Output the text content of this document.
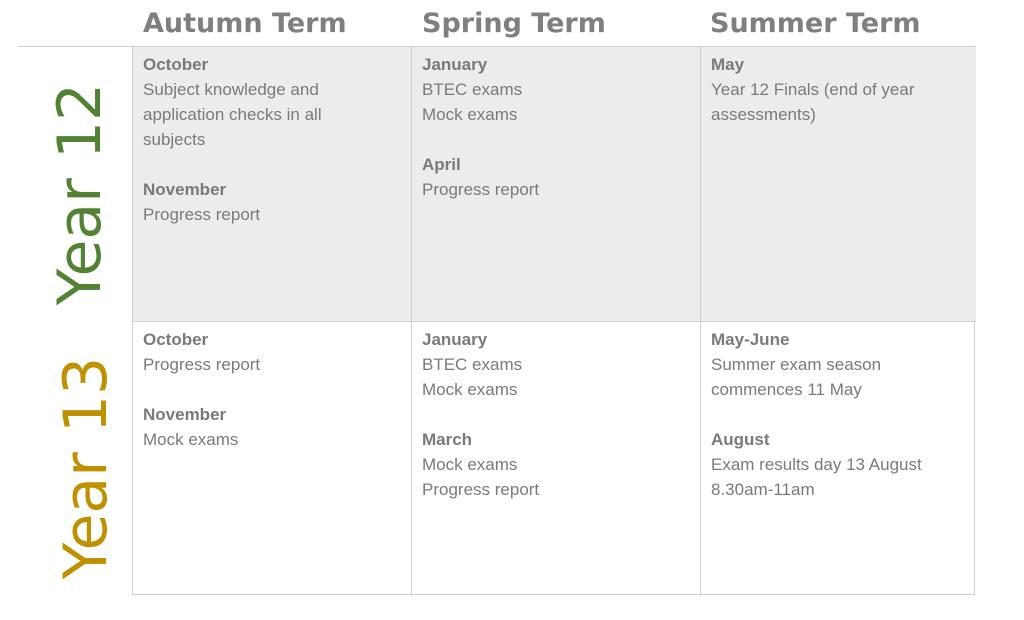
Autumn Term	Spring Term	Summer Term
Year 12
Year 13
October
Subject knowledge and
application checks in all
subjects
November
Progress report
January
BTEC exams
Mock exams
April
Progress report
May
Year 12 Finals (end of year
assessments)
October
Progress report
November
Mock exams
January
BTEC exams
Mock exams
March
Mock exams
Progress report
May-June
Summer exam season
commences 11 May
August
Exam results day 13 August
8.30am-11am
